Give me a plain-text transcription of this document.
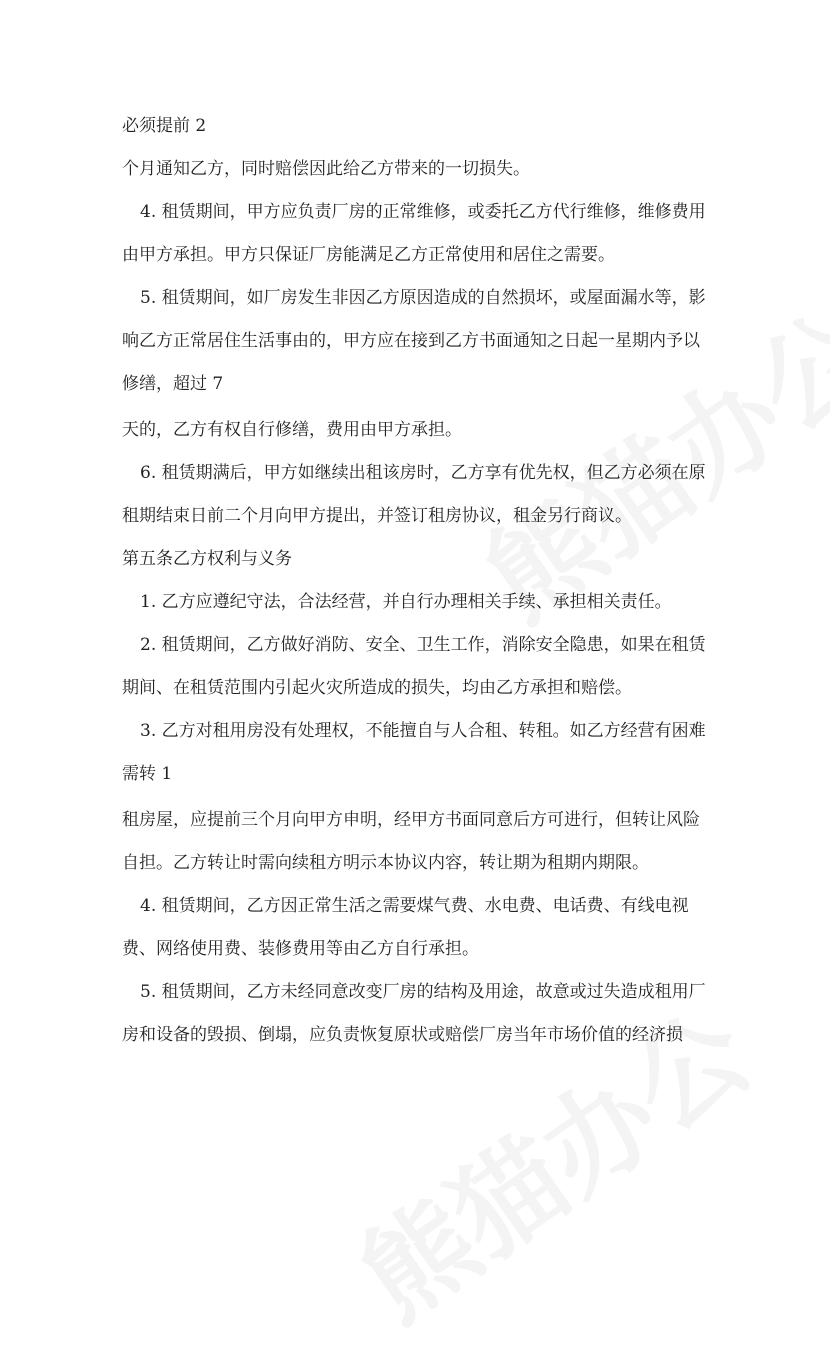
必须提前 2
个月通知乙方，同时赔偿因此给乙方带来的一切损失。
4. 租赁期间，甲方应负责厂房的正常维修，或委托乙方代行维修，维修费用
由甲方承担。甲方只保证厂房能满足乙方正常使用和居住之需要。
5. 租赁期间，如厂房发生非因乙方原因造成的自然损坏，或屋面漏水等，影
响乙方正常居住生活事由的，甲方应在接到乙方书面通知之日起一星期内予以
修缮，超过 7
天的，乙方有权自行修缮，费用由甲方承担。
6. 租赁期满后，甲方如继续出租该房时，乙方享有优先权，但乙方必须在原
租期结束日前二个月向甲方提出，并签订租房协议，租金另行商议。
第五条乙方权利与义务
1. 乙方应遵纪守法，合法经营，并自行办理相关手续、承担相关责任。
2. 租赁期间，乙方做好消防、安全、卫生工作，消除安全隐患，如果在租赁
期间、在租赁范围内引起火灾所造成的损失，均由乙方承担和赔偿。
3. 乙方对租用房没有处理权，不能擅自与人合租、转租。如乙方经营有困难
需转 1
租房屋，应提前三个月向甲方申明，经甲方书面同意后方可进行，但转让风险
自担。乙方转让时需向续租方明示本协议内容，转让期为租期内期限。
4. 租赁期间，乙方因正常生活之需要煤气费、水电费、电话费、有线电视
费、网络使用费、装修费用等由乙方自行承担。
5. 租赁期间，乙方未经同意改变厂房的结构及用途，故意或过失造成租用厂
房和设备的毁损、倒塌，应负责恢复原状或赔偿厂房当年市场价值的经济损
